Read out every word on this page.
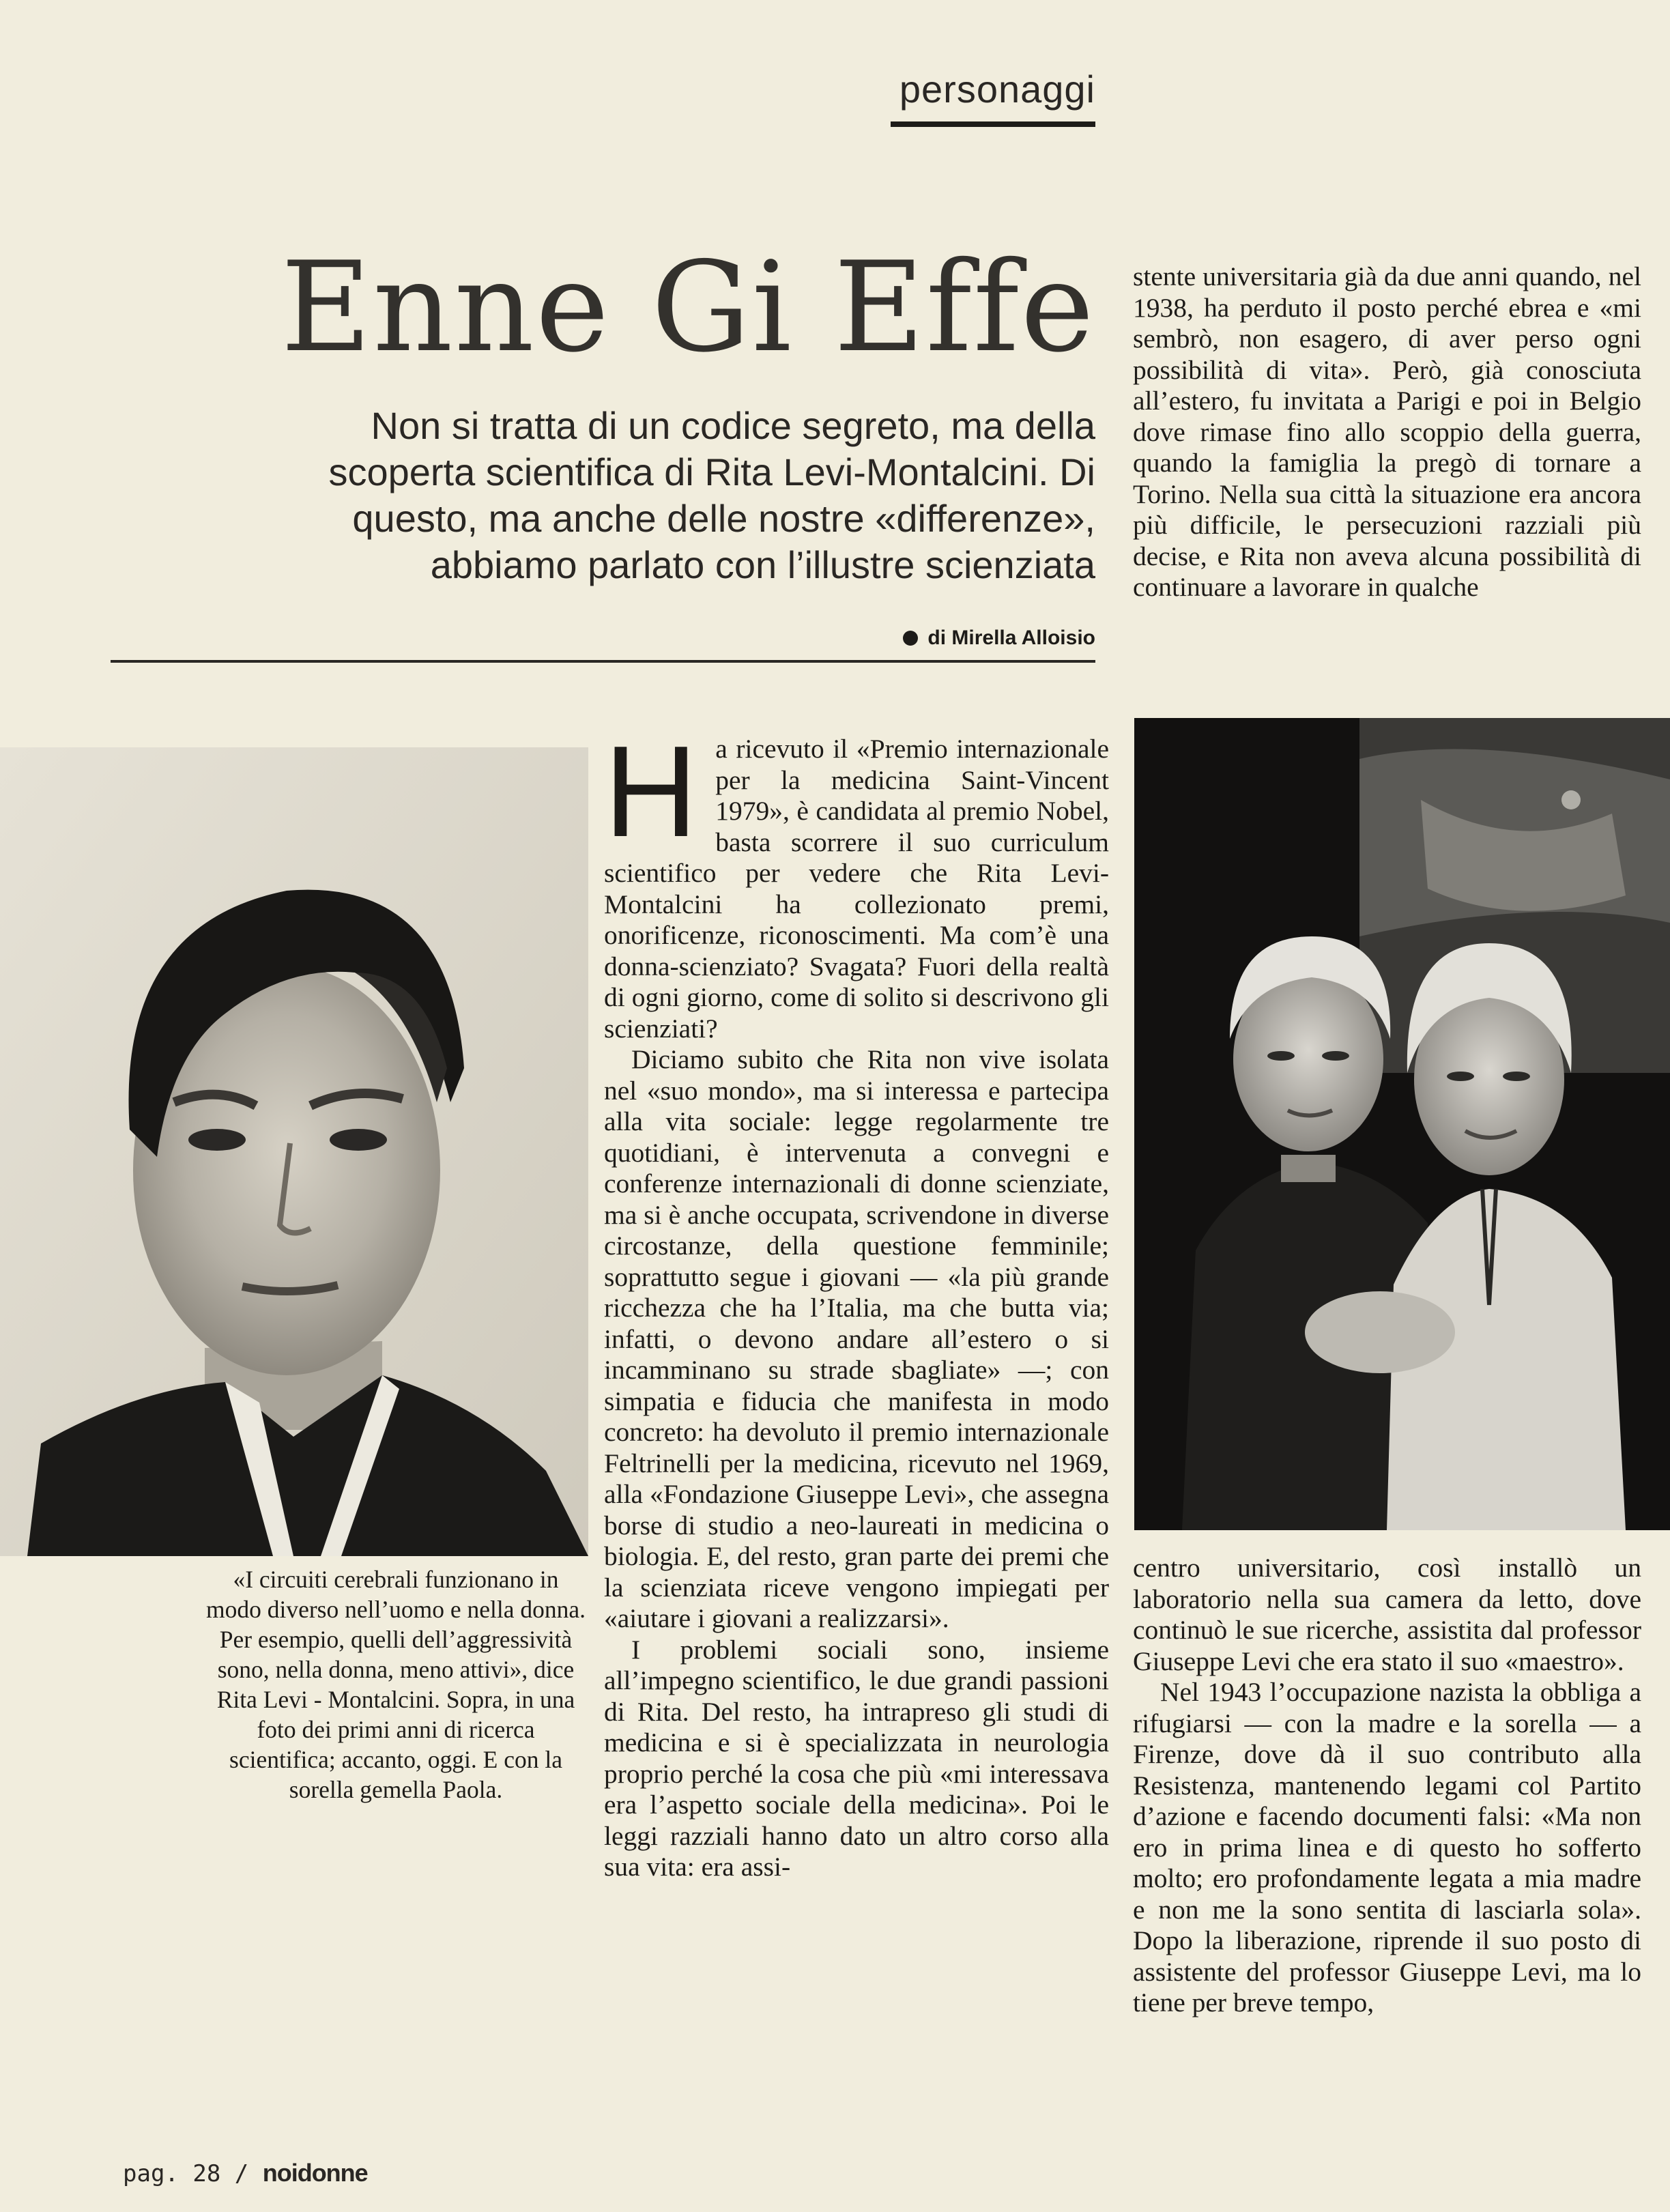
personaggi
Enne Gi Effe
Non si tratta di un codice segreto, ma della scoperta scientifica di Rita Levi-Montalcini. Di questo, ma anche delle nostre «differenze», abbiamo parlato con l’illustre scienziata
di Mirella Alloisio
«I circuiti cerebrali funzionano in modo diverso nell’uomo e nella donna. Per esempio, quelli dell’aggressività sono, nella donna, meno attivi», dice Rita Levi - Montalcini. Sopra, in una foto dei primi anni di ricerca scientifica; accanto, oggi. E con la sorella gemella Paola.

Ha ricevuto il «Premio internazionale per la medicina Saint-Vincent 1979», è candidata al premio Nobel, basta scorrere il suo curriculum scientifico per vedere che Rita Levi-Montalcini ha collezionato premi, onorificenze, riconoscimenti. Ma com’è una donna-scienziato? Svagata? Fuori della realtà di ogni giorno, come di solito si descrivono gli scienziati?

Diciamo subito che Rita non vive isolata nel «suo mondo», ma si interessa e partecipa alla vita sociale: legge regolarmente tre quotidiani, è intervenuta a convegni e conferenze internazionali di donne scienziate, ma si è anche occupata, scrivendone in diverse circostanze, della questione femminile; soprattutto segue i giovani — «la più grande ricchezza che ha l’Italia, ma che butta via; infatti, o devono andare all’estero o si incamminano su strade sbagliate» —; con simpatia e fiducia che manifesta in modo concreto: ha devoluto il premio internazionale Feltrinelli per la medicina, ricevuto nel 1969, alla «Fondazione Giuseppe Levi», che assegna borse di studio a neo-laureati in medicina o biologia. E, del resto, gran parte dei premi che la scienziata riceve vengono impiegati per «aiutare i giovani a realizzarsi».

I problemi sociali sono, insieme all’impegno scientifico, le due grandi passioni di Rita. Del resto, ha intrapreso gli studi di medicina e si è specializzata in neurologia proprio perché la cosa che più «mi interessava era l’aspetto sociale della medicina». Poi le leggi razziali hanno dato un altro corso alla sua vita: era assi-

stente universitaria già da due anni quando, nel 1938, ha perduto il posto perché ebrea e «mi sembrò, non esagero, di aver perso ogni possibilità di vita». Però, già conosciuta all’estero, fu invitata a Parigi e poi in Belgio dove rimase fino allo scoppio della guerra, quando la famiglia la pregò di tornare a Torino. Nella sua città la situazione era ancora più difficile, le persecuzioni razziali più decise, e Rita non aveva alcuna possibilità di continuare a lavorare in qualche

centro universitario, così installò un laboratorio nella sua camera da letto, dove continuò le sue ricerche, assistita dal professor Giuseppe Levi che era stato il suo «maestro».

Nel 1943 l’occupazione nazista la obbliga a rifugiarsi — con la madre e la sorella — a Firenze, dove dà il suo contributo alla Resistenza, mantenendo legami col Partito d’azione e facendo documenti falsi: «Ma non ero in prima linea e di questo ho sofferto molto; ero profondamente legata a mia madre e non me la sono sentita di lasciarla sola». Dopo la liberazione, riprende il suo posto di assistente del professor Giuseppe Levi, ma lo tiene per breve tempo,

pag. 28 / noidonne
